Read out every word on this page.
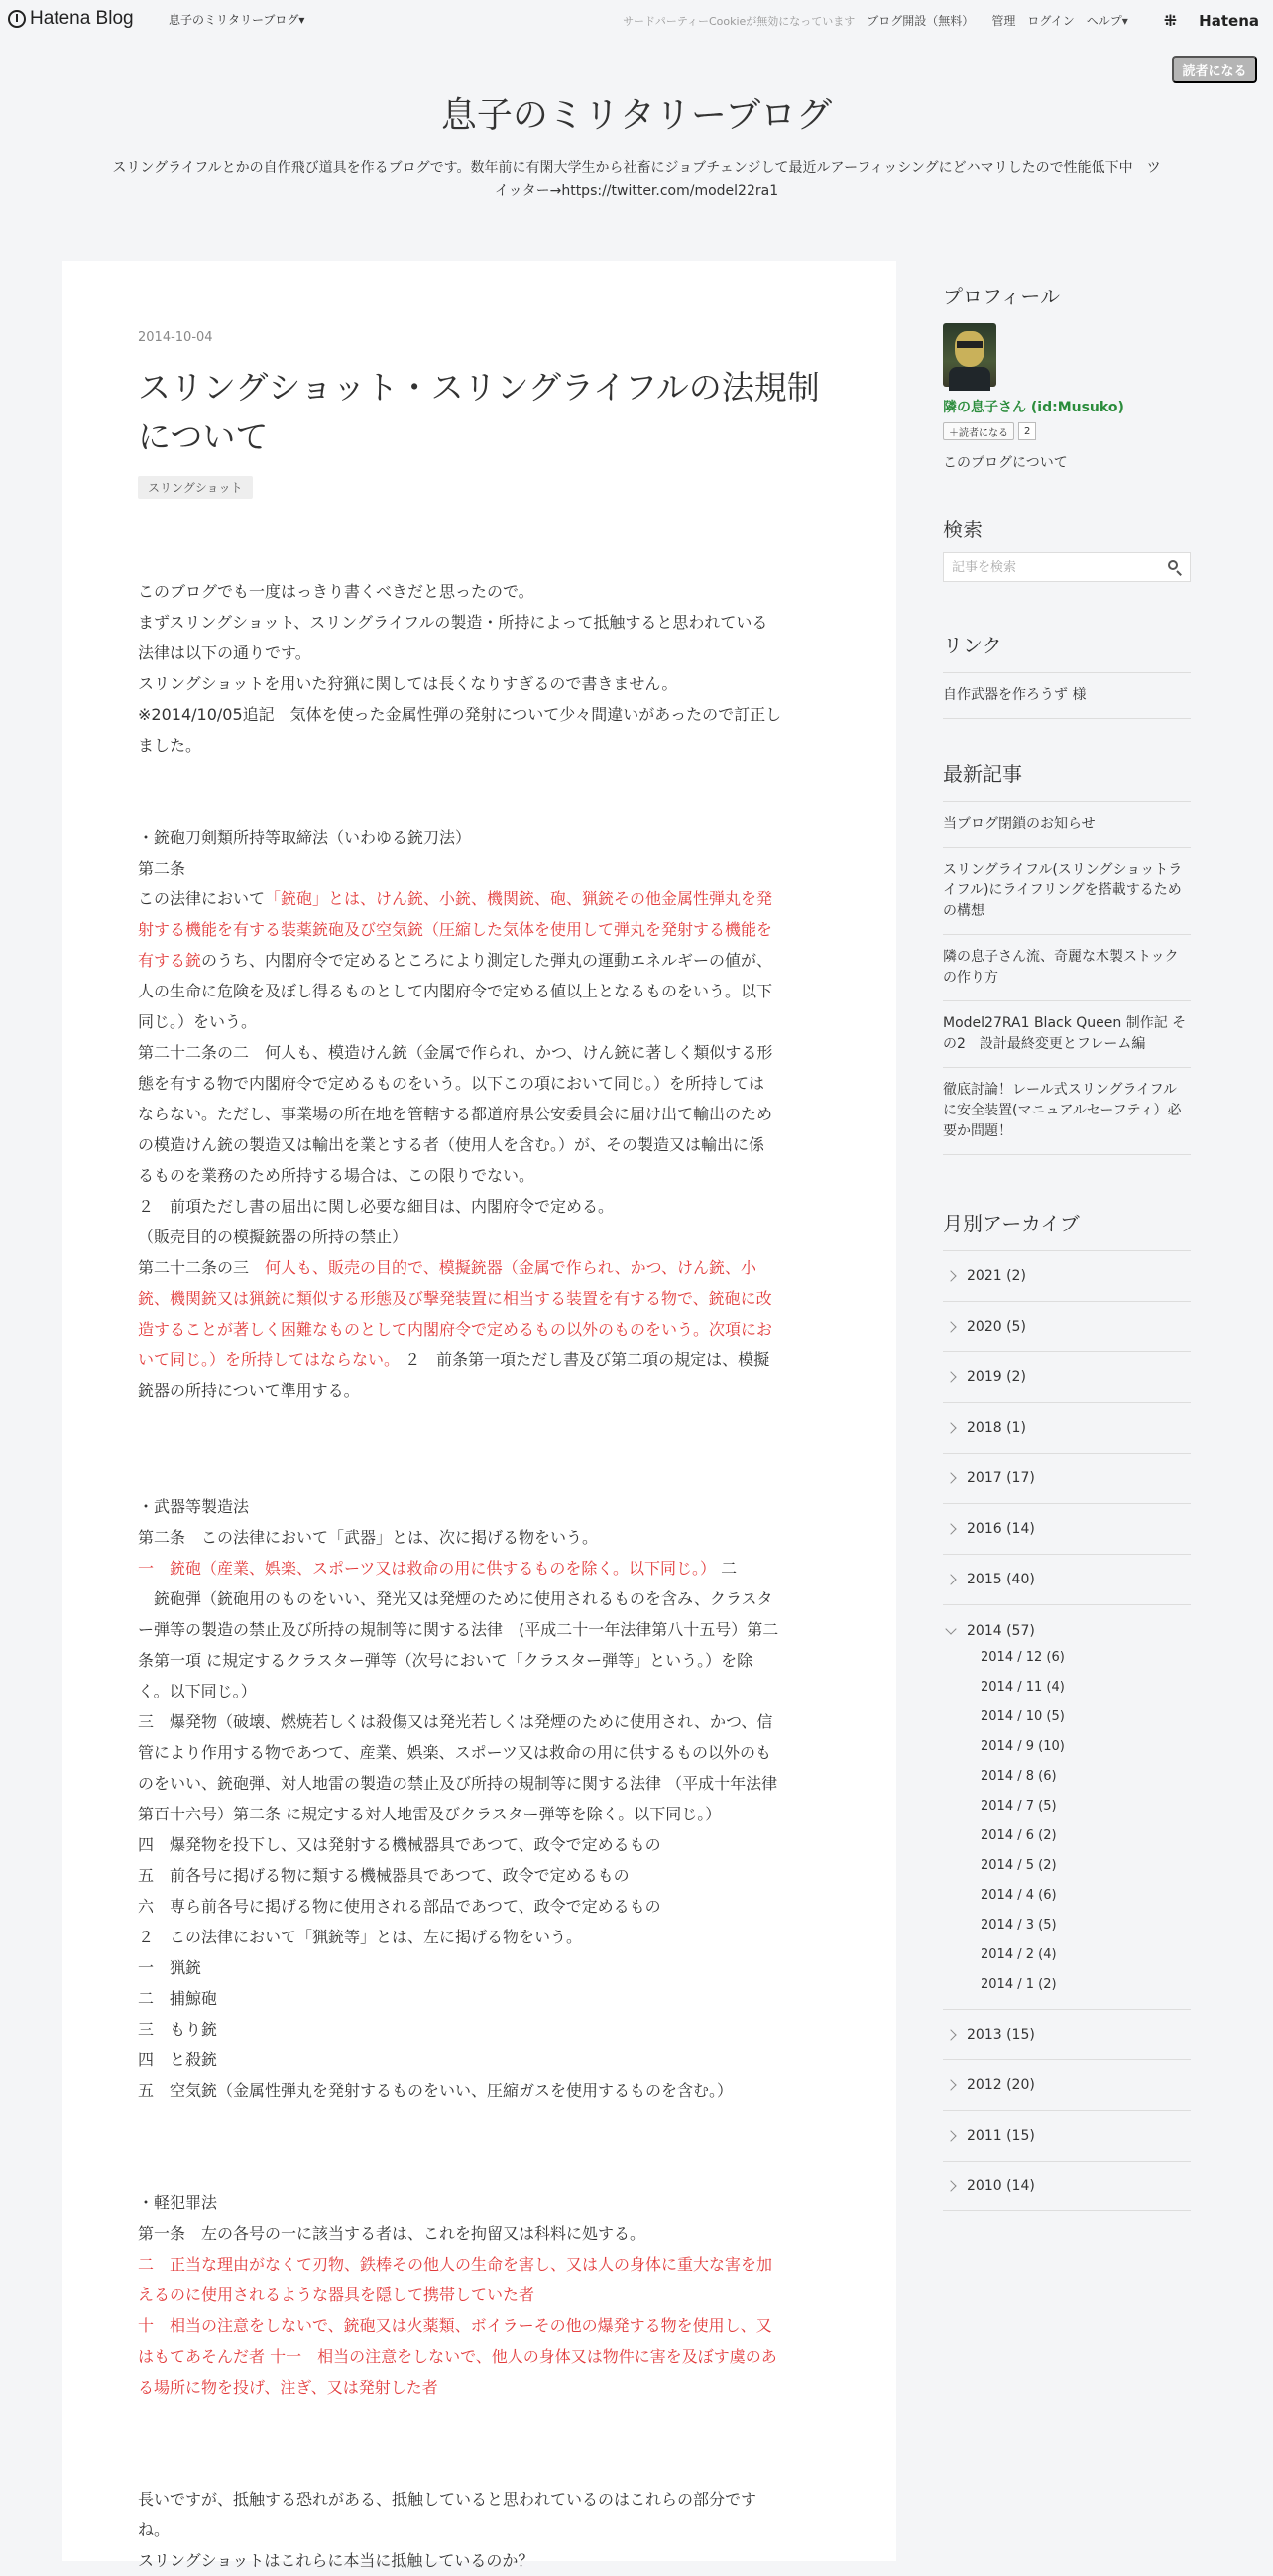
Hatena Blog	息子のミリタリーブログ▾	サードパーティーCookieが無効になっています ブログ開設（無料） 管理 ログイン ヘルプ▾ ⁜ Hatena
読者になる
息子のミリタリーブログ
スリングライフルとかの自作飛び道具を作るブログです。数年前に有閑大学生から社畜にジョブチェンジして最近ルアーフィッシングにどハマリしたので性能低下中　ツ
イッター→https://twitter.com/model22ra1
2014-10-04
スリングショット・スリングライフルの法規制
について
スリングショット

このブログでも一度はっきり書くべきだと思ったので。

まずスリングショット、スリングライフルの製造・所持によって抵触すると思われている

法律は以下の通りです。

スリングショットを用いた狩猟に関しては長くなりすぎるので書きません。

※2014/10/05追記　気体を使った金属性弾の発射について少々間違いがあったので訂正し

ました。

・銃砲刀剣類所持等取締法（いわゆる銃刀法）

第二条

この法律において「銃砲」とは、けん銃、小銃、機関銃、砲、猟銃その他金属性弾丸を発

射する機能を有する装薬銃砲及び空気銃（圧縮した気体を使用して弾丸を発射する機能を

有する銃のうち、内閣府令で定めるところにより測定した弾丸の運動エネルギーの値が、

人の生命に危険を及ぼし得るものとして内閣府令で定める値以上となるものをいう。以下

同じ。）をいう。

第二十二条の二　何人も、模造けん銃（金属で作られ、かつ、けん銃に著しく類似する形

態を有する物で内閣府令で定めるものをいう。以下この項において同じ。）を所持しては

ならない。ただし、事業場の所在地を管轄する都道府県公安委員会に届け出て輸出のため

の模造けん銃の製造又は輸出を業とする者（使用人を含む。）が、その製造又は輸出に係

るものを業務のため所持する場合は、この限りでない。

２　前項ただし書の届出に関し必要な細目は、内閣府令で定める。

（販売目的の模擬銃器の所持の禁止）

第二十二条の三　何人も、販売の目的で、模擬銃器（金属で作られ、かつ、けん銃、小

銃、機関銃又は猟銃に類似する形態及び撃発装置に相当する装置を有する物で、銃砲に改

造することが著しく困難なものとして内閣府令で定めるもの以外のものをいう。次項にお

いて同じ。）を所持してはならない。 ２　前条第一項ただし書及び第二項の規定は、模擬

銃器の所持について準用する。

・武器等製造法

第二条　この法律において「武器」とは、次に掲げる物をいう。

一　銃砲（産業、娯楽、スポーツ又は救命の用に供するものを除く。以下同じ。） 二

　銃砲弾（銃砲用のものをいい、発光又は発煙のために使用されるものを含み、クラスタ

ー弾等の製造の禁止及び所持の規制等に関する法律　(平成二十一年法律第八十五号）第二

条第一項 に規定するクラスター弾等（次号において「クラスター弾等」という。）を除

く。以下同じ。）

三　爆発物（破壊、燃焼若しくは殺傷又は発光若しくは発煙のために使用され、かつ、信

管により作用する物であつて、産業、娯楽、スポーツ又は救命の用に供するもの以外のも

のをいい、銃砲弾、対人地雷の製造の禁止及び所持の規制等に関する法律 （平成十年法律

第百十六号）第二条 に規定する対人地雷及びクラスター弾等を除く。以下同じ。）

四　爆発物を投下し、又は発射する機械器具であつて、政令で定めるもの

五　前各号に掲げる物に類する機械器具であつて、政令で定めるもの

六　専ら前各号に掲げる物に使用される部品であつて、政令で定めるもの

２　この法律において「猟銃等」とは、左に掲げる物をいう。

一　猟銃

二　捕鯨砲

三　もり銃

四　と殺銃

五　空気銃（金属性弾丸を発射するものをいい、圧縮ガスを使用するものを含む。）

・軽犯罪法

第一条　左の各号の一に該当する者は、これを拘留又は科料に処する。

二　正当な理由がなくて刃物、鉄棒その他人の生命を害し、又は人の身体に重大な害を加

えるのに使用されるような器具を隠して携帯していた者

十　相当の注意をしないで、銃砲又は火薬類、ボイラーその他の爆発する物を使用し、又

はもてあそんだ者 十一　相当の注意をしないで、他人の身体又は物件に害を及ぼす虞のあ

る場所に物を投げ、注ぎ、又は発射した者

長いですが、抵触する恐れがある、抵触していると思われているのはこれらの部分です

ね。

スリングショットはこれらに本当に抵触しているのか？

プロフィール
隣の息子さん (id:Musuko)
＋読者になる	2
このブログについて
検索
記事を検索
リンク
自作武器を作ろうず 様
最新記事
当ブログ閉鎖のお知らせ
スリングライフル(スリングショットライフル)にライフリングを搭載するための構想
隣の息子さん流、奇麗な木製ストックの作り方
Model27RA1 Black Queen 制作記 その2　設計最終変更とフレーム編
徹底討論！レール式スリングライフルに安全装置(マニュアルセーフティ）必要か問題！
月別アーカイブ
2021 (2)
2020 (5)
2019 (2)
2018 (1)
2017 (17)
2016 (14)
2015 (40)
2014 (57)
2014 / 12 (6)
2014 / 11 (4)
2014 / 10 (5)
2014 / 9 (10)
2014 / 8 (6)
2014 / 7 (5)
2014 / 6 (2)
2014 / 5 (2)
2014 / 4 (6)
2014 / 3 (5)
2014 / 2 (4)
2014 / 1 (2)
2013 (15)
2012 (20)
2011 (15)
2010 (14)
